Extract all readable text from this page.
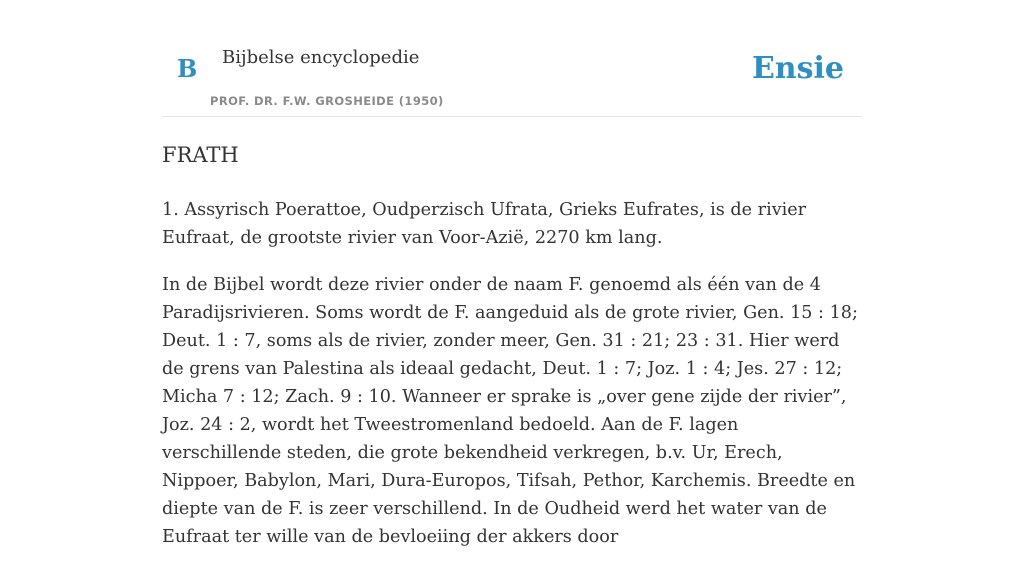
B Bijbelse encyclopedie
PROF. DR. F.W. GROSHEIDE (1950)
Ensie
FRATH

1. Assyrisch Poerattoe, Oudperzisch Ufrata, Grieks Eufrates, is de rivier Eufraat, de grootste rivier van Voor-Azië, 2270 km lang.

In de Bijbel wordt deze rivier onder de naam F. genoemd als één van de 4 Paradijsrivieren. Soms wordt de F. aangeduid als de grote rivier, Gen. 15 : 18; Deut. 1 : 7, soms als de rivier, zonder meer, Gen. 31 : 21; 23 : 31. Hier werd de grens van Palestina als ideaal gedacht, Deut. 1 : 7; Joz. 1 : 4; Jes. 27 : 12; Micha 7 : 12; Zach. 9 : 10. Wanneer er sprake is „over gene zijde der rivier”, Joz. 24 : 2, wordt het Tweestromenland bedoeld. Aan de F. lagen verschillende steden, die grote bekendheid verkregen, b.v. Ur, Erech, Nippoer, Babylon, Mari, Dura-Europos, Tifsah, Pethor, Karchemis. Breedte en diepte van de F. is zeer verschillend. In de Oudheid werd het water van de Eufraat ter wille van de bevloeiing der akkers door
